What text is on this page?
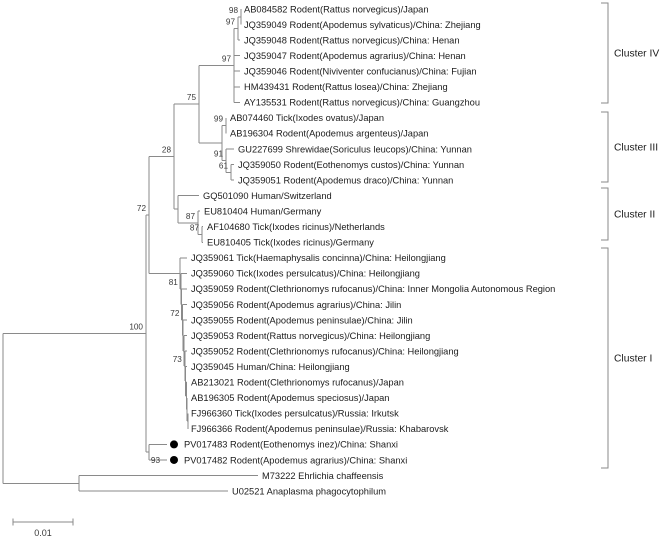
AB084582 Rodent(Rattus norvegicus)/Japan
JQ359049 Rodent(Apodemus sylvaticus)/China: Zhejiang
98
JQ359048 Rodent(Rattus norvegicus)/China: Henan
97
JQ359047 Rodent(Apodemus agrarius)/China: Henan
JQ359046 Rodent(Niviventer confucianus)/China: Fujian
HM439431 Rodent(Rattus losea)/China: Zhejiang
AY135531 Rodent(Rattus norvegicus)/China: Guangzhou
97
AB074460 Tick(Ixodes ovatus)/Japan
AB196304 Rodent(Apodemus argenteus)/Japan
99
GU227699 Shrewidae(Soriculus leucops)/China: Yunnan
JQ359050 Rodent(Eothenomys custos)/China: Yunnan
JQ359051 Rodent(Apodemus draco)/China: Yunnan
61
91
75
GQ501090 Human/Switzerland
EU810404 Human/Germany
AF104680 Tick(Ixodes ricinus)/Netherlands
EU810405 Tick(Ixodes ricinus)/Germany
87
87
28
JQ359061 Tick(Haemaphysalis concinna)/China: Heilongjiang
JQ359060 Tick(Ixodes persulcatus)/China: Heilongjiang
JQ359059 Rodent(Clethrionomys rufocanus)/China: Inner Mongolia Autonomous Region
JQ359056 Rodent(Apodemus agrarius)/China: Jilin
JQ359055 Rodent(Apodemus peninsulae)/China: Jilin
JQ359053 Rodent(Rattus norvegicus)/China: Heilongjiang
JQ359052 Rodent(Clethrionomys rufocanus)/China: Heilongjiang
JQ359045 Human/China: Heilongjiang
AB213021 Rodent(Clethrionomys rufocanus)/Japan
AB196305 Rodent(Apodemus speciosus)/Japan
FJ966360 Tick(Ixodes persulcatus)/Russia: Irkutsk
FJ966366 Rodent(Apodemus peninsulae)/Russia: Khabarovsk
73
72
81
72
PV017483 Rodent(Eothenomys inez)/China: Shanxi
PV017482 Rodent(Apodemus agrarius)/China: Shanxi
93
100
M73222 Ehrlichia chaffeensis
U02521 Anaplasma phagocytophilum
Cluster IV
Cluster III
Cluster II
Cluster I
0.01
